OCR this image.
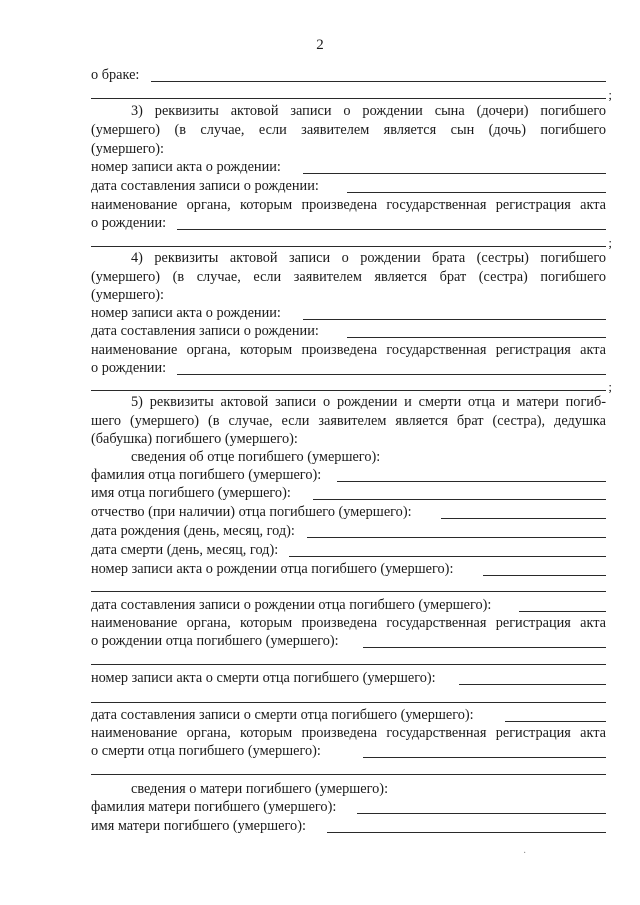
2
о браке:
;
3) реквизиты актовой записи о рождении сына (дочери) погибшего
(умершего) (в случае, если заявителем является сын (дочь) погибшего
(умершего):
номер записи акта о рождении:
дата составления записи о рождении:
наименование органа, которым произведена государственная регистрация акта
о рождении:
;
4) реквизиты актовой записи о рождении брата (сестры) погибшего
(умершего) (в случае, если заявителем является брат (сестра) погибшего
(умершего):
номер записи акта о рождении:
дата составления записи о рождении:
наименование органа, которым произведена государственная регистрация акта
о рождении:
;
5) реквизиты актовой записи о рождении и смерти отца и матери погиб-
шего (умершего) (в случае, если заявителем является брат (сестра), дедушка
(бабушка) погибшего (умершего):
сведения об отце погибшего (умершего):
фамилия отца погибшего (умершего):
имя отца погибшего (умершего):
отчество (при наличии) отца погибшего (умершего):
дата рождения (день, месяц, год):
дата смерти (день, месяц, год):
номер записи акта о рождении отца погибшего (умершего):
дата составления записи о рождении отца погибшего (умершего):
наименование органа, которым произведена государственная регистрация акта
о рождении отца погибшего (умершего):
номер записи акта о смерти отца погибшего (умершего):
дата составления записи о смерти отца погибшего (умершего):
наименование органа, которым произведена государственная регистрация акта
о смерти отца погибшего (умершего):
сведения о матери погибшего (умершего):
фамилия матери погибшего (умершего):
имя матери погибшего (умершего):
·
